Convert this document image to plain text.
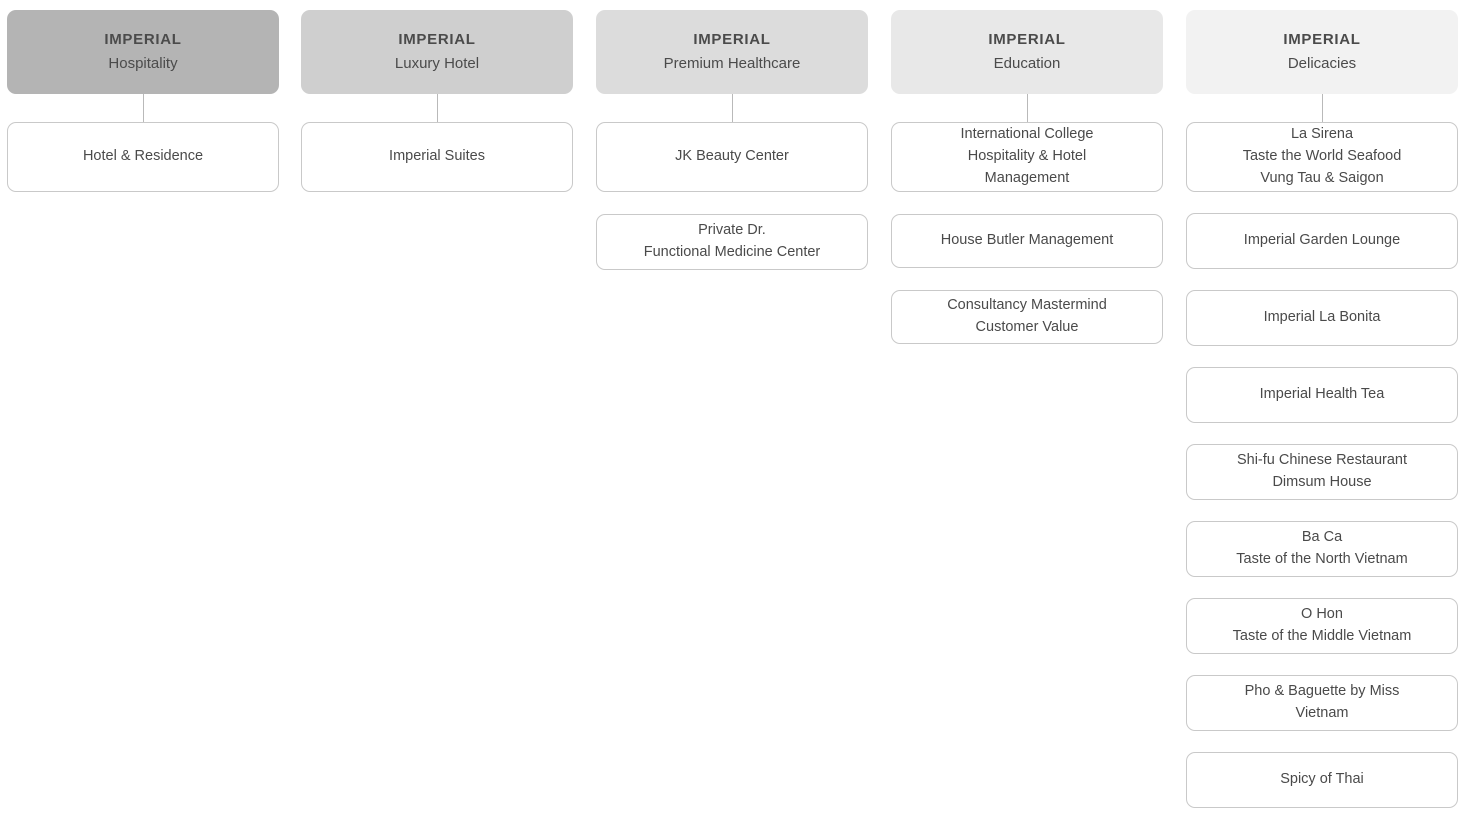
IMPERIAL
Hospitality
Hotel & Residence
IMPERIAL
Luxury Hotel
Imperial Suites
IMPERIAL
Premium Healthcare
JK Beauty Center
Private Dr.
Functional Medicine Center
IMPERIAL
Education
International College
Hospitality & Hotel
Management
House Butler Management
Consultancy Mastermind
Customer Value
IMPERIAL
Delicacies
La Sirena
Taste the World Seafood
Vung Tau & Saigon
Imperial Garden Lounge
Imperial La Bonita
Imperial Health Tea
Shi-fu Chinese Restaurant
Dimsum House
Ba Ca
Taste of the North Vietnam
O Hon
Taste of the Middle Vietnam
Pho & Baguette by Miss
Vietnam
Spicy of Thai
